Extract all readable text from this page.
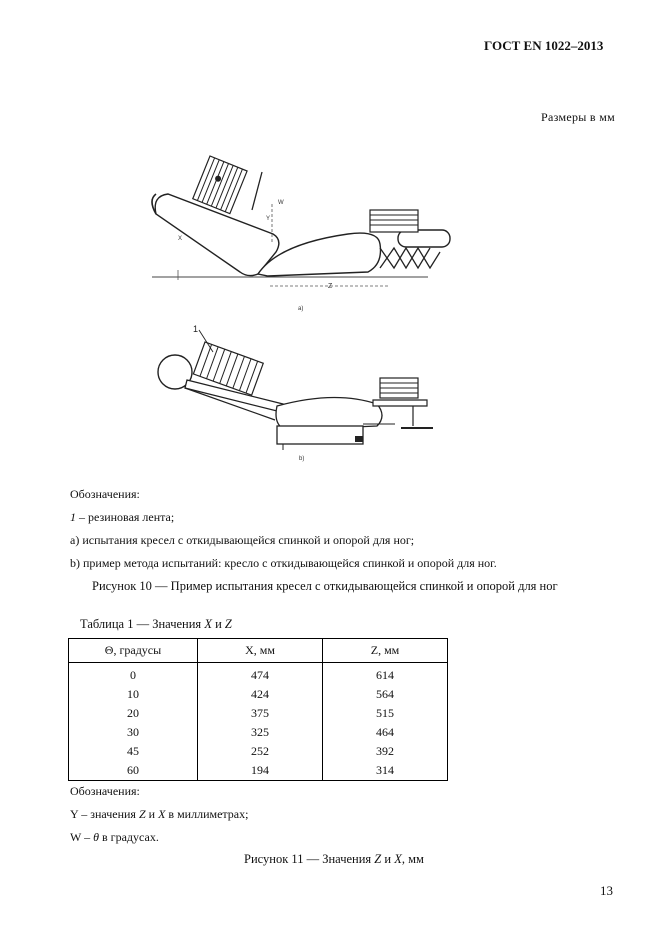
ГОСТ EN 1022–2013
Размеры в мм
Z
Y
W
X
a)
1
b)
Обозначения:
1 – резиновая лента;
а) испытания кресел с откидывающейся спинкой и опорой для ног;
b) пример метода испытаний: кресло с откидывающейся спинкой и опорой для ног.
Рисунок 10 — Пример испытания кресел с откидывающейся спинкой и опорой для ног
Таблица 1 — Значения X и Z
Θ, градусы	X, мм	Z, мм
0	474	614
10	424	564
20	375	515
30	325	464
45	252	392
60	194	314
Обозначения:
Y – значения Z и X в миллиметрах;
W – θ в градусах.
Рисунок 11 — Значения Z и X, мм
13
